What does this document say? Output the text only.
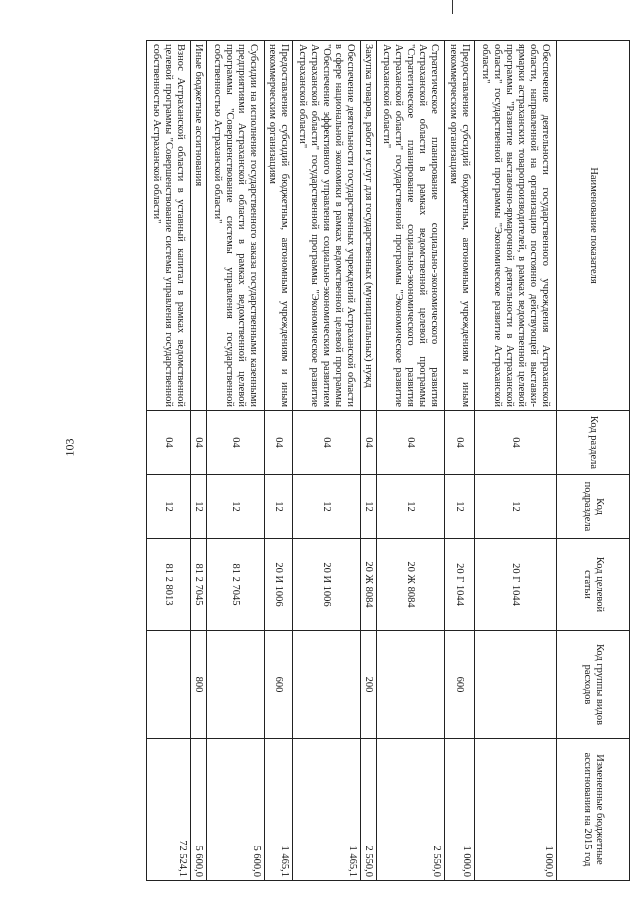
103
Наименование показателя	Код раздела	Код подраздела	Код целевой статьи	Код группы видов расходов	Измененные бюджетные ассигнования на 2015 год
Обеспечение деятельности государственного учреждения Астраханской области, направленной на организацию постоянно действующей выставки-ярмарки астраханских товаропроизводителей, в рамках ведомственной целевой программы "Развитие выставочно-ярмарочной деятельности в Астраханской области" государственной программы "Экономическое развитие Астраханской области"	04	12	20 Г 1044		1 000,0
Предоставление субсидий бюджетным, автономным учреждениям и иным некоммерческим организациям	04	12	20 Г 1044	600	1 000,0
Стратегическое планирование социально-экономического развития Астраханской области в рамках ведомственной целевой программы "Стратегическое планирование социально-экономического развития Астраханской области" государственной программы "Экономическое развитие Астраханской области"	04	12	20 Ж 8084		2 550,0
Закупка товаров, работ и услуг для государственных (муниципальных) нужд	04	12	20 Ж 8084	200	2 550,0
Обеспечение деятельности государственных учреждений Астраханской области в сфере национальной экономики в рамках ведомственной целевой программы "Обеспечение эффективного управления социально-экономическим развитием Астраханской области" государственной программы "Экономическое развитие Астраханской области"	04	12	20 И 1006		1 465,1
Предоставление субсидий бюджетным, автономным учреждениям и иным некоммерческим организациям	04	12	20 И 1006	600	1 465,1
Субсидии на исполнение государственного заказа государственными казенными предприятиями Астраханской области в рамках ведомственной целевой программы "Совершенствование системы управления государственной собственностью Астраханской области"	04	12	81 2 7045		5 600,0
Иные бюджетные ассигнования	04	12	81 2 7045	800	5 600,0
Взнос Астраханской области в уставный капитал в рамках ведомственной целевой программы "Совершенствование системы управления государственной собственностью Астраханской области"	04	12	81 2 8013		72 524,1
